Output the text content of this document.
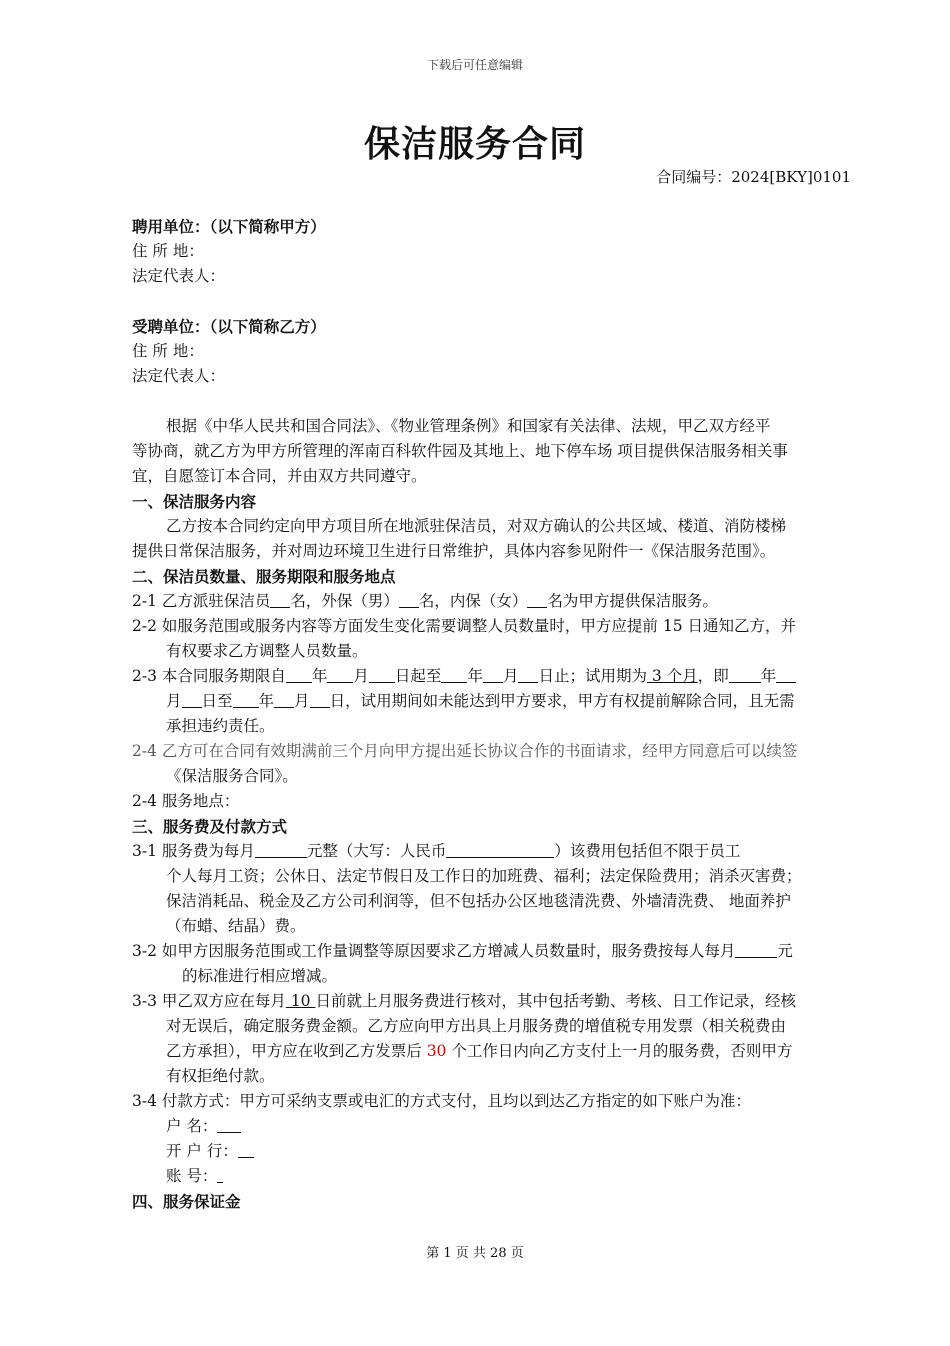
下载后可任意编辑
保洁服务合同
合同编号：2024[BKY]0101
聘用单位：（以下简称甲方）
住 所 地：
法定代表人：
受聘单位：（以下简称乙方）
住 所 地：
法定代表人：
根据《中华人民共和国合同法》、《物业管理条例》和国家有关法律、法规，甲乙双方经平
等协商，就乙方为甲方所管理的浑南百科软件园及其地上、地下停车场 项目提供保洁服务相关事
宜，自愿签订本合同，并由双方共同遵守。
一、保洁服务内容
乙方按本合同约定向甲方项目所在地派驻保洁员，对双方确认的公共区域、楼道、消防楼梯
提供日常保洁服务，并对周边环境卫生进行日常维护，具体内容参见附件一《保洁服务范围》。
二、保洁员数量、服务期限和服务地点
2-1 乙方派驻保洁员 名，外保（男） 名，内保（女） 名为甲方提供保洁服务。
2-2 如服务范围或服务内容等方面发生变化需要调整人员数量时，甲方应提前 15 日通知乙方，并
有权要求乙方调整人员数量。
2-3 本合同服务期限自 年 月 日起至 年 月 日止；试用期为 3 个月，即 年
月 日至 年 月 日，试用期间如未能达到甲方要求，甲方有权提前解除合同，且无需
承担违约责任。
2-4 乙方可在合同有效期满前三个月向甲方提出延长协议合作的书面请求，经甲方同意后可以续签
《保洁服务合同》。
2-4 服务地点：
三、服务费及付款方式
3-1 服务费为每月	元整（大写：人民币	）该费用包括但不限于员工
个人每月工资；公休日、法定节假日及工作日的加班费、福利；法定保险费用；消杀灭害费；
保洁消耗品、税金及乙方公司利润等，但不包括办公区地毯清洗费、外墙清洗费、 地面养护
（布蜡、结晶）费。
3-2 如甲方因服务范围或工作量调整等原因要求乙方增减人员数量时，服务费按每人每月	元
的标准进行相应增减。
3-3 甲乙双方应在每月 10 日前就上月服务费进行核对，其中包括考勤、考核、日工作记录，经核
对无误后，确定服务费金额。乙方应向甲方出具上月服务费的增值税专用发票（相关税费由
乙方承担），甲方应在收到乙方发票后 30 个工作日内向乙方支付上一月的服务费，否则甲方
有权拒绝付款。
3-4 付款方式：甲方可采纳支票或电汇的方式支付，且均以到达乙方指定的如下账户为准：
户 名：
开 户 行：
账 号：
四、服务保证金
第 1 页 共 28 页
